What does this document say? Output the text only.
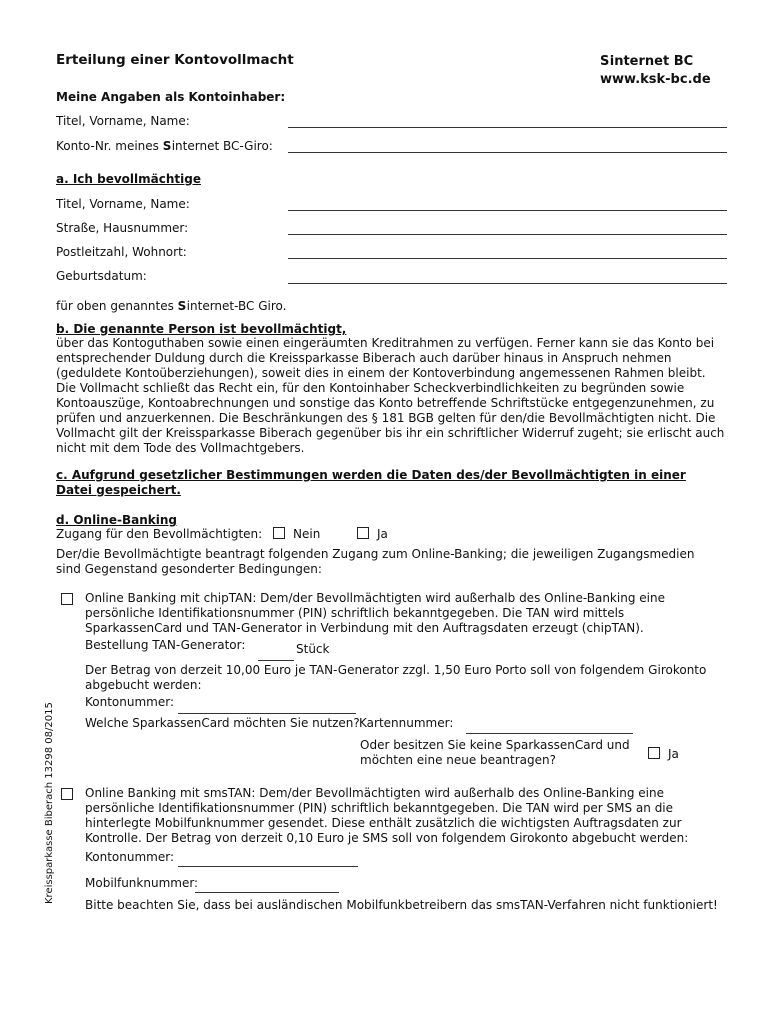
Erteilung einer Kontovollmacht	Sinternet BC
www.ksk-bc.de
Meine Angaben als Kontoinhaber:
Titel, Vorname, Name:
Konto-Nr. meines Sinternet BC-Giro:
a. Ich bevollmächtige
Titel, Vorname, Name:
Straße, Hausnummer:
Postleitzahl, Wohnort:
Geburtsdatum:
für oben genanntes Sinternet-BC Giro.
b. Die genannte Person ist bevollmächtigt,
über das Kontoguthaben sowie einen eingeräumten Kreditrahmen zu verfügen. Ferner kann sie das Konto bei entsprechender Duldung durch die Kreissparkasse Biberach auch darüber hinaus in Anspruch nehmen (geduldete Kontoüberziehungen), soweit dies in einem der Kontoverbindung angemessenen Rahmen bleibt. Die Vollmacht schließt das Recht ein, für den Kontoinhaber Scheckverbindlichkeiten zu begründen sowie Kontoauszüge, Kontoabrechnungen und sonstige das Konto betreffende Schriftstücke entgegenzunehmen, zu prüfen und anzuerkennen. Die Beschränkungen des § 181 BGB gelten für den/die Bevollmächtigten nicht. Die Vollmacht gilt der Kreissparkasse Biberach gegenüber bis ihr ein schriftlicher Widerruf zugeht; sie erlischt auch nicht mit dem Tode des Vollmachtgebers.
c. Aufgrund gesetzlicher Bestimmungen werden die Daten des/der Bevollmächtigten in einer Datei gespeichert.
d. Online-Banking
Zugang für den Bevollmächtigten:	Nein	Ja
Der/die Bevollmächtigte beantragt folgenden Zugang zum Online-Banking; die jeweiligen Zugangsmedien sind Gegenstand gesonderter Bedingungen:
Online Banking mit chipTAN: Dem/der Bevollmächtigten wird außerhalb des Online-Banking eine persönliche Identifikationsnummer (PIN) schriftlich bekanntgegeben. Die TAN wird mittels SparkassenCard und TAN-Generator in Verbindung mit den Auftragsdaten erzeugt (chipTAN).
Bestellung TAN-Generator:	Stück
Der Betrag von derzeit 10,00 Euro je TAN-Generator zzgl. 1,50 Euro Porto soll von folgendem Girokonto abgebucht werden:
Kontonummer:
Welche SparkassenCard möchten Sie nutzen? Kartennummer:
Oder besitzen Sie keine SparkassenCard und möchten eine neue beantragen?	Ja
Online Banking mit smsTAN: Dem/der Bevollmächtigten wird außerhalb des Online-Banking eine persönliche Identifikationsnummer (PIN) schriftlich bekanntgegeben. Die TAN wird per SMS an die hinterlegte Mobilfunknummer gesendet. Diese enthält zusätzlich die wichtigsten Auftragsdaten zur Kontrolle. Der Betrag von derzeit 0,10 Euro je SMS soll von folgendem Girokonto abgebucht werden:
Kontonummer:
Mobilfunknummer:
Bitte beachten Sie, dass bei ausländischen Mobilfunkbetreibern das smsTAN-Verfahren nicht funktioniert!
Kreissparkasse Biberach 13298 08/2015
